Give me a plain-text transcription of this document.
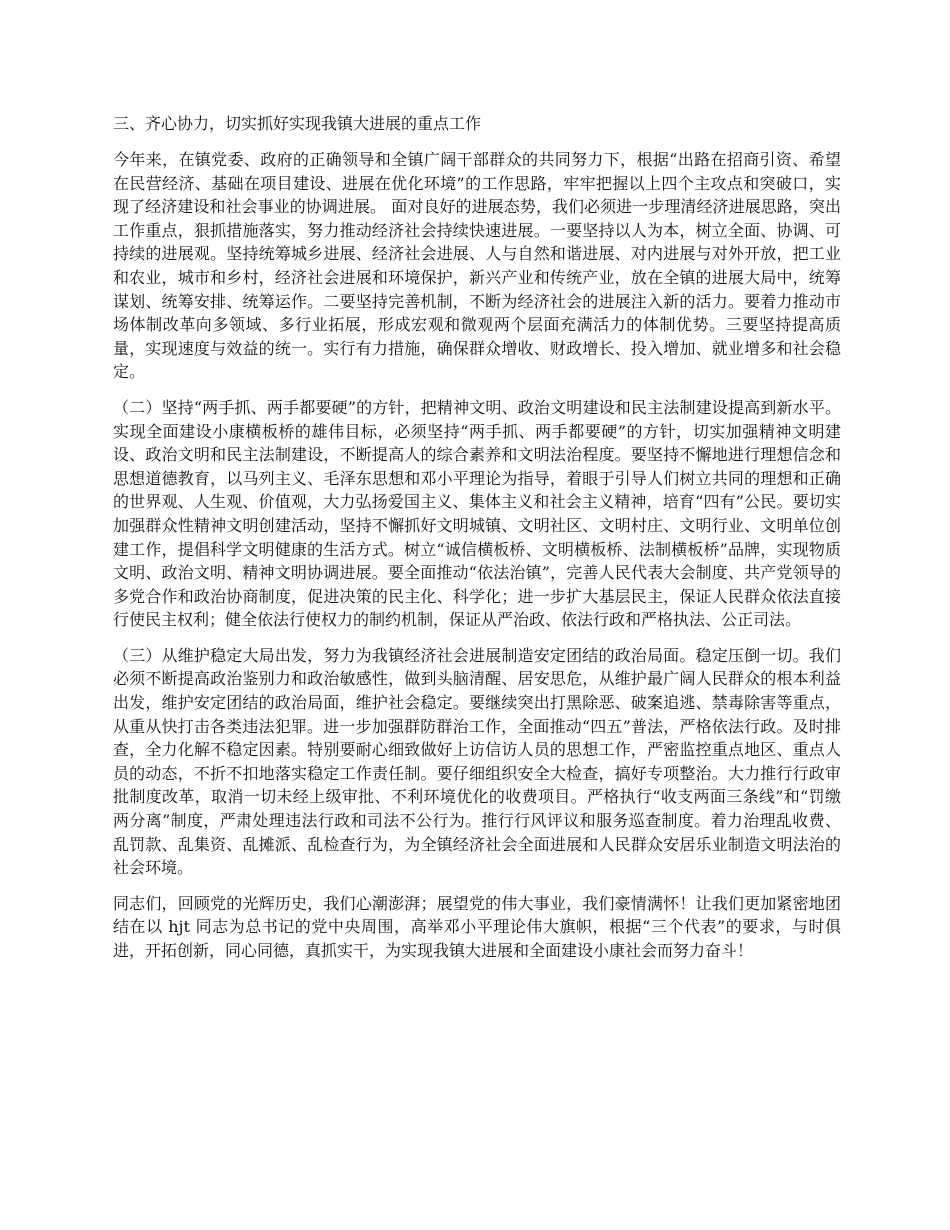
三、齐心协力，切实抓好实现我镇大进展的重点工作

今年来，在镇党委、政府的正确领导和全镇广阔干部群众的共同努力下，根据“出路在招商引资、希望在民营经济、基础在项目建设、进展在优化环境”的工作思路，牢牢把握以上四个主攻点和突破口，实现了经济建设和社会事业的协调进展。 面对良好的进展态势，我们必须进一步理清经济进展思路，突出工作重点，狠抓措施落实，努力推动经济社会持续快速进展。一要坚持以人为本，树立全面、协调、可持续的进展观。坚持统筹城乡进展、经济社会进展、人与自然和谐进展、对内进展与对外开放，把工业和农业，城市和乡村，经济社会进展和环境保护，新兴产业和传统产业，放在全镇的进展大局中，统筹谋划、统筹安排、统筹运作。二要坚持完善机制，不断为经济社会的进展注入新的活力。要着力推动市场体制改革向多领域、多行业拓展，形成宏观和微观两个层面充满活力的体制优势。三要坚持提高质量，实现速度与效益的统一。实行有力措施，确保群众增收、财政增长、投入增加、就业增多和社会稳定。

（二）坚持“两手抓、两手都要硬”的方针，把精神文明、政治文明建设和民主法制建设提高到新水平。实现全面建设小康横板桥的雄伟目标，必须坚持“两手抓、两手都要硬”的方针，切实加强精神文明建设、政治文明和民主法制建设，不断提高人的综合素养和文明法治程度。要坚持不懈地进行理想信念和思想道德教育，以马列主义、毛泽东思想和邓小平理论为指导，着眼于引导人们树立共同的理想和正确的世界观、人生观、价值观，大力弘扬爱国主义、集体主义和社会主义精神，培育“四有”公民。要切实加强群众性精神文明创建活动，坚持不懈抓好文明城镇、文明社区、文明村庄、文明行业、文明单位创建工作，提倡科学文明健康的生活方式。树立“诚信横板桥、文明横板桥、法制横板桥”品牌，实现物质文明、政治文明、精神文明协调进展。要全面推动“依法治镇”，完善人民代表大会制度、共产党领导的多党合作和政治协商制度，促进决策的民主化、科学化；进一步扩大基层民主，保证人民群众依法直接行使民主权利；健全依法行使权力的制约机制，保证从严治政、依法行政和严格执法、公正司法。

（三）从维护稳定大局出发，努力为我镇经济社会进展制造安定团结的政治局面。稳定压倒一切。我们必须不断提高政治鉴别力和政治敏感性，做到头脑清醒、居安思危，从维护最广阔人民群众的根本利益出发，维护安定团结的政治局面，维护社会稳定。要继续突出打黑除恶、破案追逃、禁毒除害等重点，从重从快打击各类违法犯罪。进一步加强群防群治工作，全面推动“四五”普法，严格依法行政。及时排查，全力化解不稳定因素。特别要耐心细致做好上访信访人员的思想工作，严密监控重点地区、重点人员的动态，不折不扣地落实稳定工作责任制。要仔细组织安全大检查，搞好专项整治。大力推行行政审批制度改革，取消一切未经上级审批、不利环境优化的收费项目。严格执行“收支两面三条线”和“罚缴两分离”制度，严肃处理违法行政和司法不公行为。推行行风评议和服务巡查制度。着力治理乱收费、乱罚款、乱集资、乱摊派、乱检查行为，为全镇经济社会全面进展和人民群众安居乐业制造文明法治的社会环境。

同志们，回顾党的光辉历史，我们心潮澎湃；展望党的伟大事业，我们豪情满怀！让我们更加紧密地团结在以 hjt 同志为总书记的党中央周围，高举邓小平理论伟大旗帜，根据“三个代表”的要求，与时俱进，开拓创新，同心同德，真抓实干，为实现我镇大进展和全面建设小康社会而努力奋斗！
